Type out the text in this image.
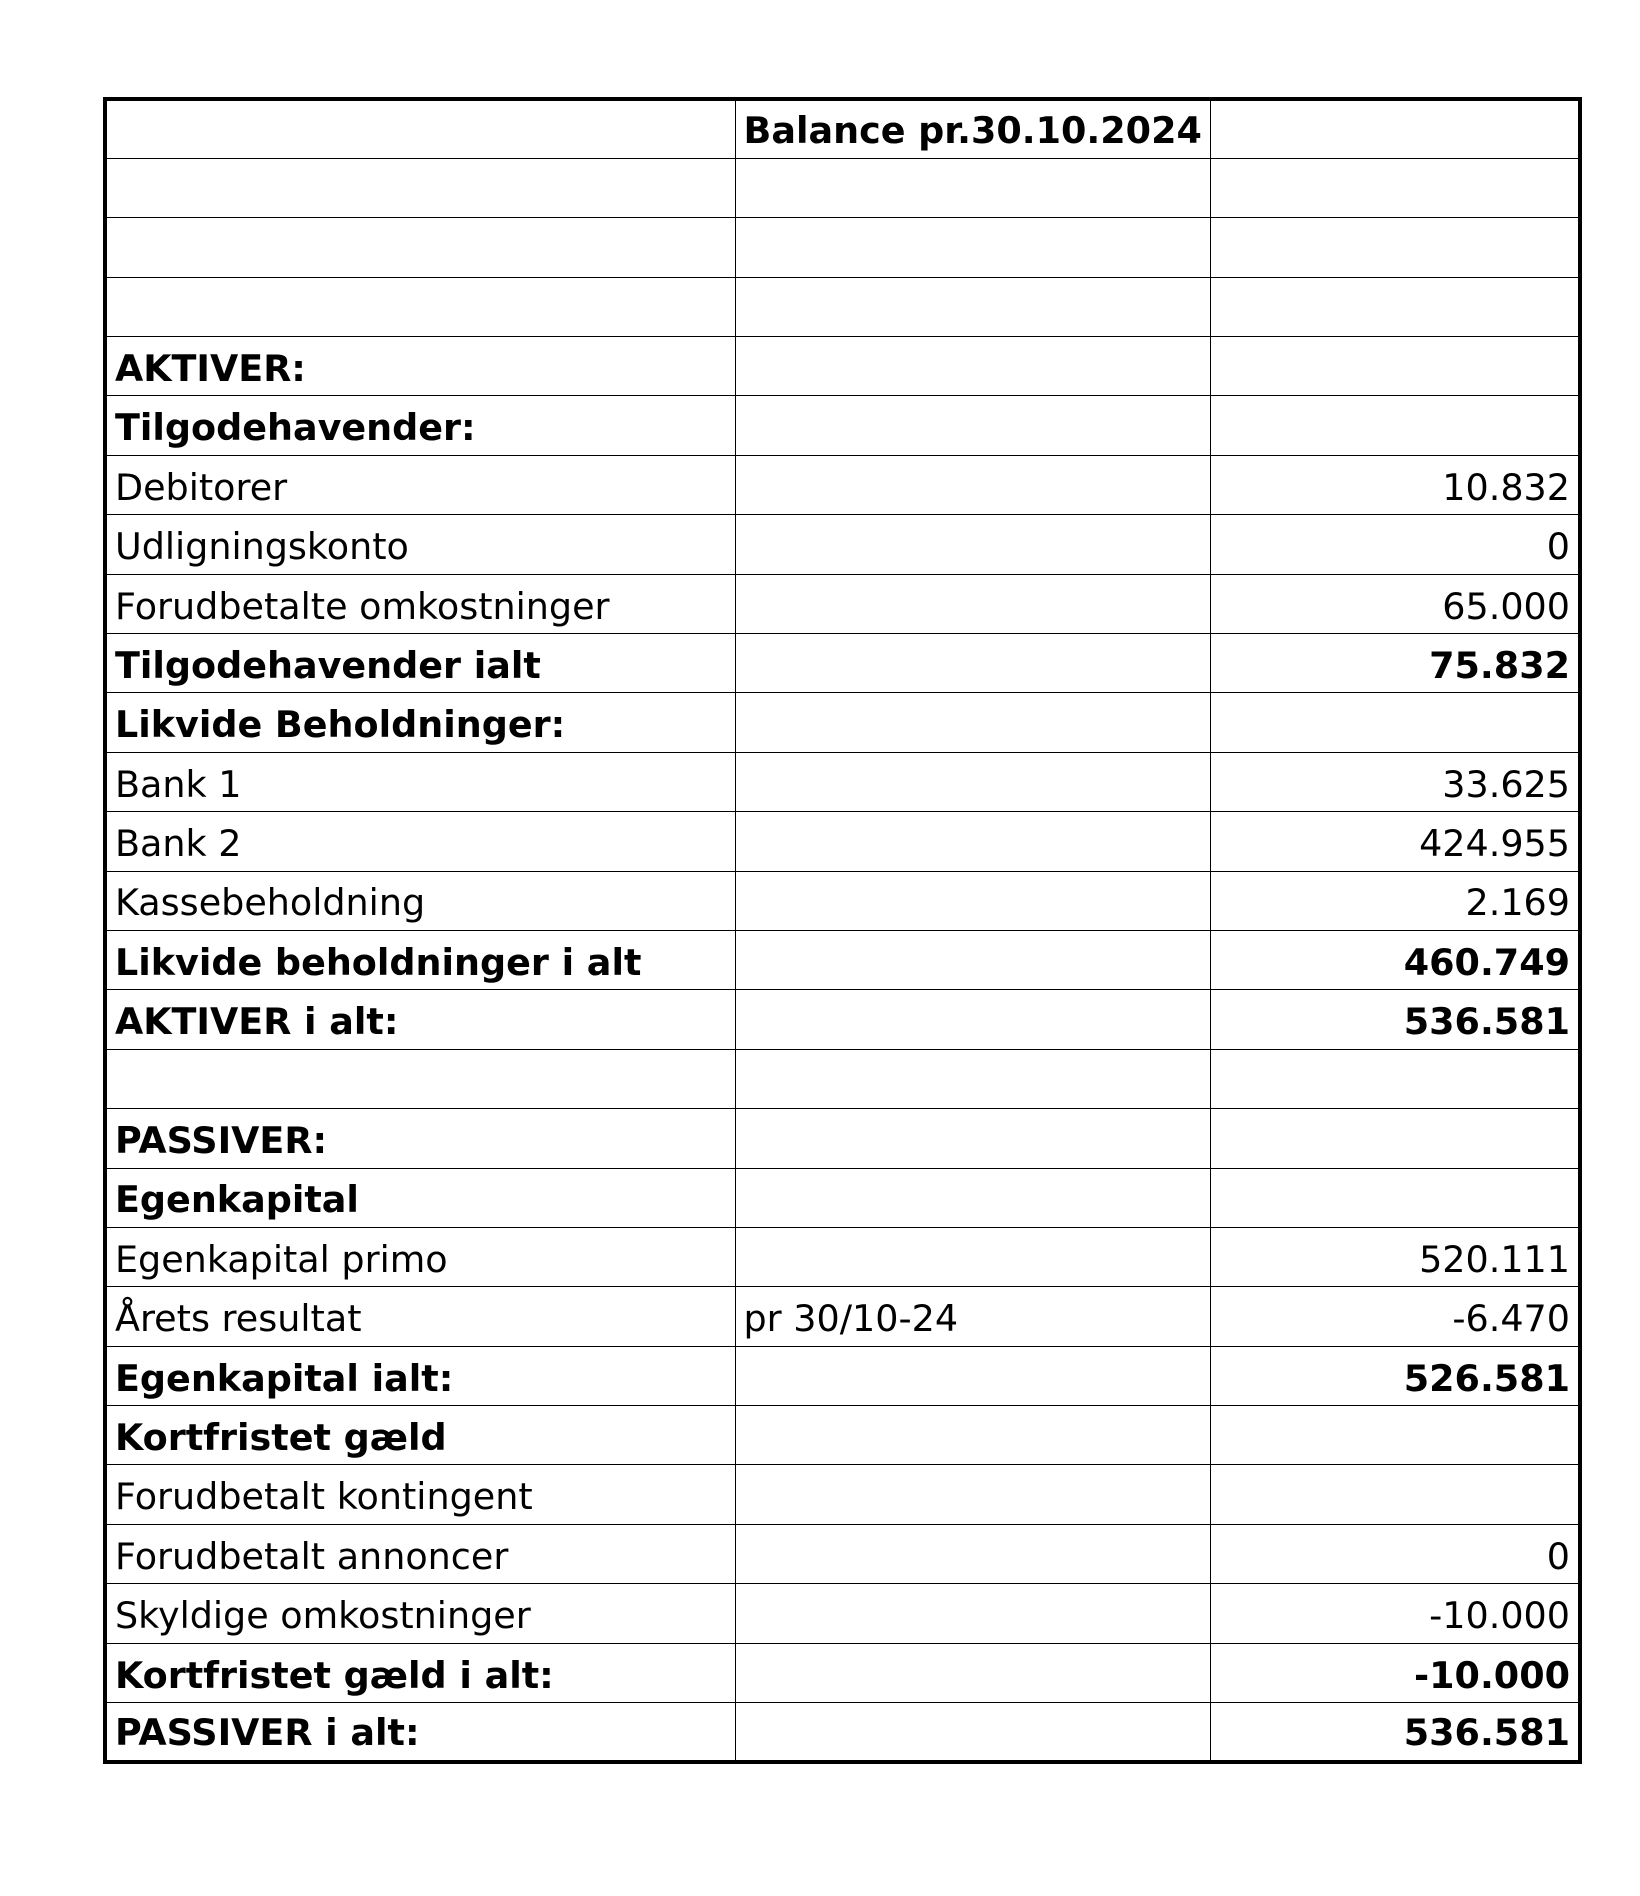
	Balance pr.30.10.2024	

AKTIVER:		
Tilgodehavender:		
Debitorer		10.832
Udligningskonto		0
Forudbetalte omkostninger		65.000
Tilgodehavender ialt		75.832
Likvide Beholdninger:		
Bank 1		33.625
Bank 2		424.955
Kassebeholdning		2.169
Likvide beholdninger i alt		460.749
AKTIVER i alt:		536.581

PASSIVER:		
Egenkapital		
Egenkapital primo		520.111
Årets resultat	pr 30/10-24	-6.470
Egenkapital ialt:		526.581
Kortfristet gæld		
Forudbetalt kontingent		
Forudbetalt annoncer		0
Skyldige omkostninger		-10.000
Kortfristet gæld i alt:		-10.000
PASSIVER i alt:		536.581
